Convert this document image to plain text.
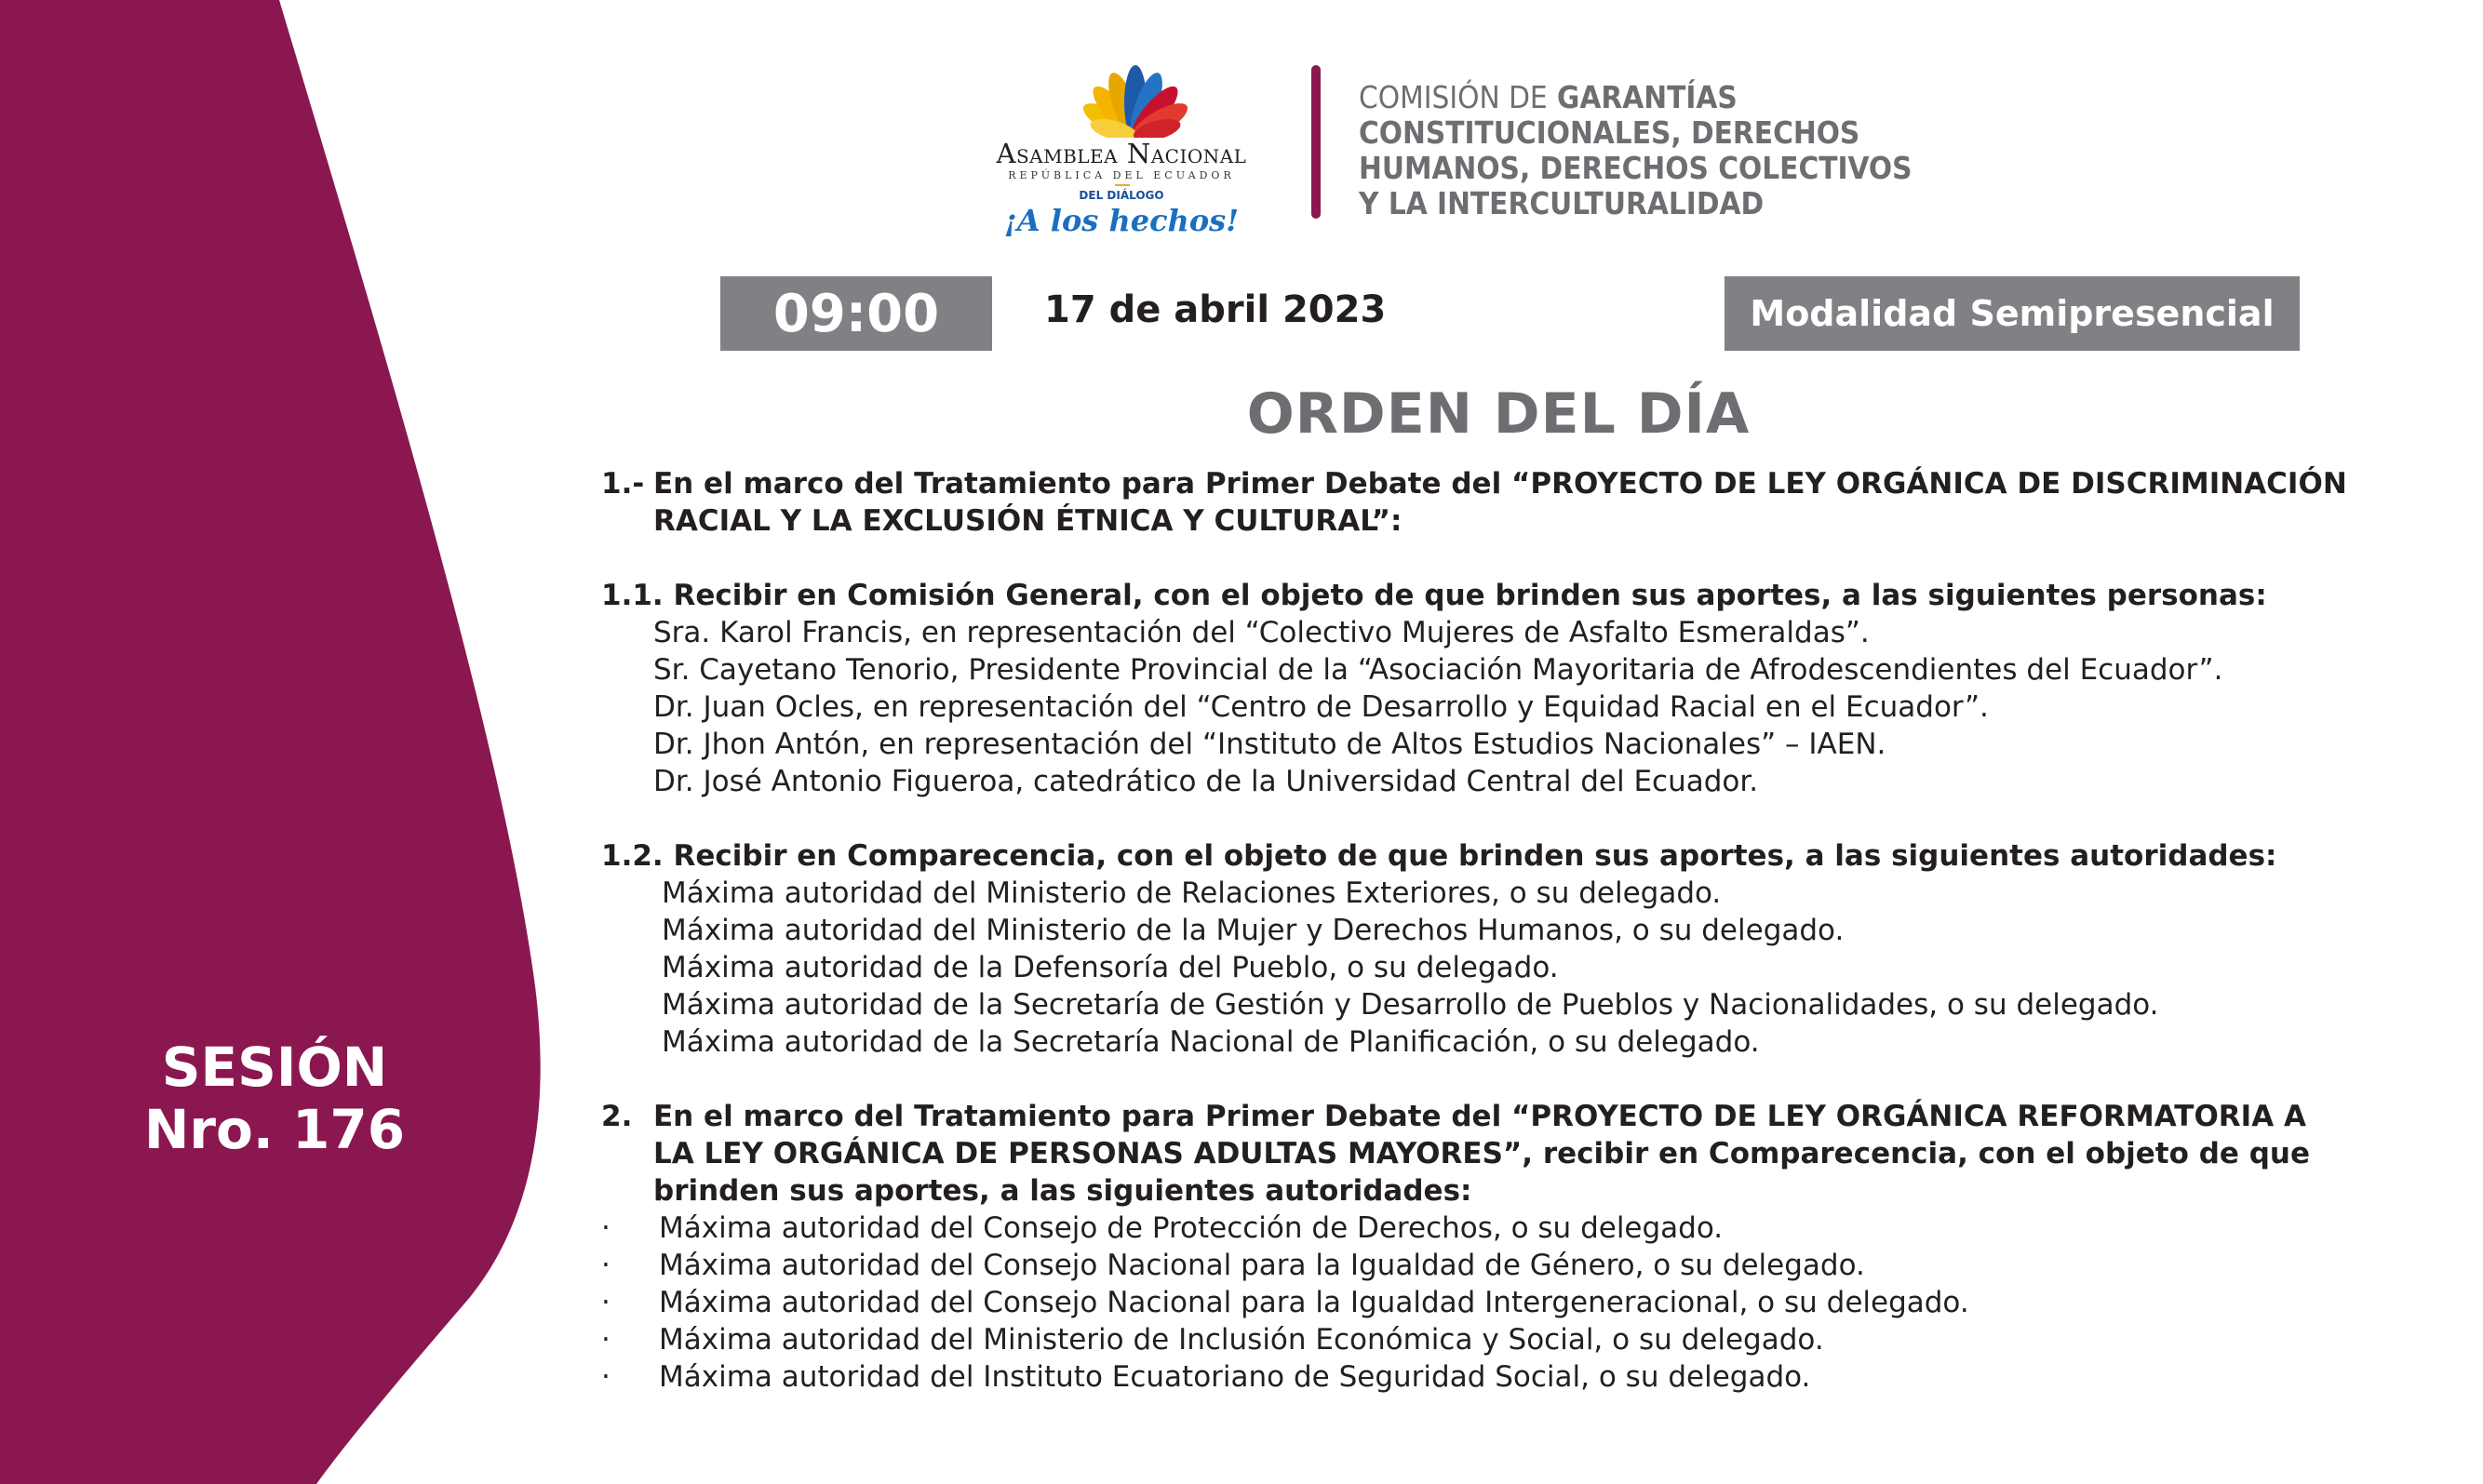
SESIÓN
Nro. 176
Asamblea Nacional
REPÚBLICA DEL ECUADOR
DEL DIÁLOGO
¡A los hechos!
COMISIÓN DE GARANTÍAS
CONSTITUCIONALES, DERECHOS
HUMANOS, DERECHOS COLECTIVOS
Y LA INTERCULTURALIDAD
09:00	17 de abril 2023	Modalidad Semipresencial
ORDEN DEL DÍA
1.- En el marco del Tratamiento para Primer Debate del “PROYECTO DE LEY ORGÁNICA DE DISCRIMINACIÓN
RACIAL Y LA EXCLUSIÓN ÉTNICA Y CULTURAL”:
1.1. Recibir en Comisión General, con el objeto de que brinden sus aportes, a las siguientes personas:
Sra. Karol Francis, en representación del “Colectivo Mujeres de Asfalto Esmeraldas”.
Sr. Cayetano Tenorio, Presidente Provincial de la “Asociación Mayoritaria de Afrodescendientes del Ecuador”.
Dr. Juan Ocles, en representación del “Centro de Desarrollo y Equidad Racial en el Ecuador”.
Dr. Jhon Antón, en representación del “Instituto de Altos Estudios Nacionales” – IAEN.
Dr. José Antonio Figueroa, catedrático de la Universidad Central del Ecuador.
1.2. Recibir en Comparecencia, con el objeto de que brinden sus aportes, a las siguientes autoridades:
Máxima autoridad del Ministerio de Relaciones Exteriores, o su delegado.
Máxima autoridad del Ministerio de la Mujer y Derechos Humanos, o su delegado.
Máxima autoridad de la Defensoría del Pueblo, o su delegado.
Máxima autoridad de la Secretaría de Gestión y Desarrollo de Pueblos y Nacionalidades, o su delegado.
Máxima autoridad de la Secretaría Nacional de Planificación, o su delegado.
2. En el marco del Tratamiento para Primer Debate del “PROYECTO DE LEY ORGÁNICA REFORMATORIA A
LA LEY ORGÁNICA DE PERSONAS ADULTAS MAYORES”, recibir en Comparecencia, con el objeto de que
brinden sus aportes, a las siguientes autoridades:
·	Máxima autoridad del Consejo de Protección de Derechos, o su delegado.
·	Máxima autoridad del Consejo Nacional para la Igualdad de Género, o su delegado.
·	Máxima autoridad del Consejo Nacional para la Igualdad Intergeneracional, o su delegado.
·	Máxima autoridad del Ministerio de Inclusión Económica y Social, o su delegado.
·	Máxima autoridad del Instituto Ecuatoriano de Seguridad Social, o su delegado.
